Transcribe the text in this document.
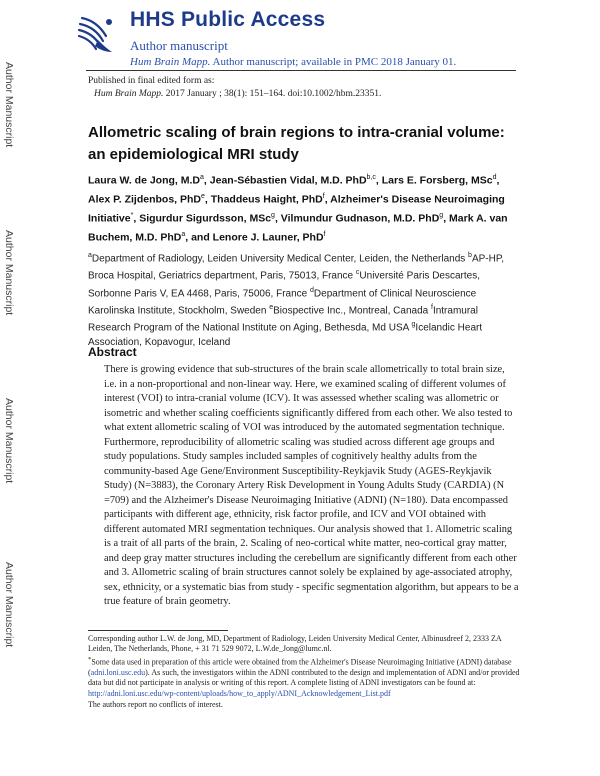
Author Manuscript
Author Manuscript
Author Manuscript
Author Manuscript
HHS Public Access
Author manuscript
Hum Brain Mapp. Author manuscript; available in PMC 2018 January 01.
Published in final edited form as:
Hum Brain Mapp. 2017 January ; 38(1): 151–164. doi:10.1002/hbm.23351.
Allometric scaling of brain regions to intra-cranial volume: an epidemiological MRI study
Laura W. de Jong, $M.D^a$, Jean-Sébastien Vidal, M.D. PhD$^{b,c}$, Lars E. Forsberg, MSc$^d$, Alex P. Zijdenbos, PhD$^e$, Thaddeus Haight, PhD$^f$, Alzheimer's Disease Neuroimaging Initiative*, Sigurdur Sigurdsson, MSc$^g$, Vilmundur Gudnason, M.D. PhD$^g$, Mark A. van Buchem, M.D. PhD$^a$, and Lenore J. Launer, PhD$^f$
$^a$Department of Radiology, Leiden University Medical Center, Leiden, the Netherlands $^b$AP-HP, Broca Hospital, Geriatrics department, Paris, 75013, France $^c$Université Paris Descartes, Sorbonne Paris V, EA 4468, Paris, 75006, France $^d$Department of Clinical Neuroscience Karolinska Institute, Stockholm, Sweden $^e$Biospective Inc., Montreal, Canada $^f$Intramural Research Program of the National Institute on Aging, Bethesda, Md USA $^g$Icelandic Heart Association, Kopavogur, Iceland
Abstract
There is growing evidence that sub-structures of the brain scale allometrically to total brain size, i.e. in a non-proportional and non-linear way. Here, we examined scaling of different volumes of interest (VOI) to intra-cranial volume (ICV). It was assessed whether scaling was allometric or isometric and whether scaling coefficients significantly differed from each other. We also tested to what extent allometric scaling of VOI was introduced by the automated segmentation technique. Furthermore, reproducibility of allometric scaling was studied across different age groups and study populations. Study samples included samples of cognitively healthy adults from the community-based Age Gene/Environment Susceptibility-Reykjavik Study (AGES-Reykjavik Study) (N=3883), the Coronary Artery Risk Development in Young Adults Study (CARDIA) (N =709) and the Alzheimer's Disease Neuroimaging Initiative (ADNI) (N=180). Data encompassed participants with different age, ethnicity, risk factor profile, and ICV and VOI obtained with different automated MRI segmentation techniques. Our analysis showed that 1. Allometric scaling is a trait of all parts of the brain, 2. Scaling of neo-cortical white matter, neo-cortical gray matter, and deep gray matter structures including the cerebellum are significantly different from each other and 3. Allometric scaling of brain structures cannot solely be explained by age-associated atrophy, sex, ethnicity, or a systematic bias from study - specific segmentation algorithm, but appears to be a true feature of brain geometry.

Corresponding author L.W. de Jong, MD, Department of Radiology, Leiden University Medical Center, Albinusdreef 2, 2333 ZA Leiden, The Netherlands, Phone, + 31 71 529 9072, L.W.de_Jong@lumc.nl.

*Some data used in preparation of this article were obtained from the Alzheimer's Disease Neuroimaging Initiative (ADNI) database (adni.loni.usc.edu). As such, the investigators within the ADNI contributed to the design and implementation of ADNI and/or provided data but did not participate in analysis or writing of this report. A complete listing of ADNI investigators can be found at: http://adni.loni.usc.edu/wp-content/uploads/how_to_apply/ADNI_Acknowledgement_List.pdf

The authors report no conflicts of interest.
